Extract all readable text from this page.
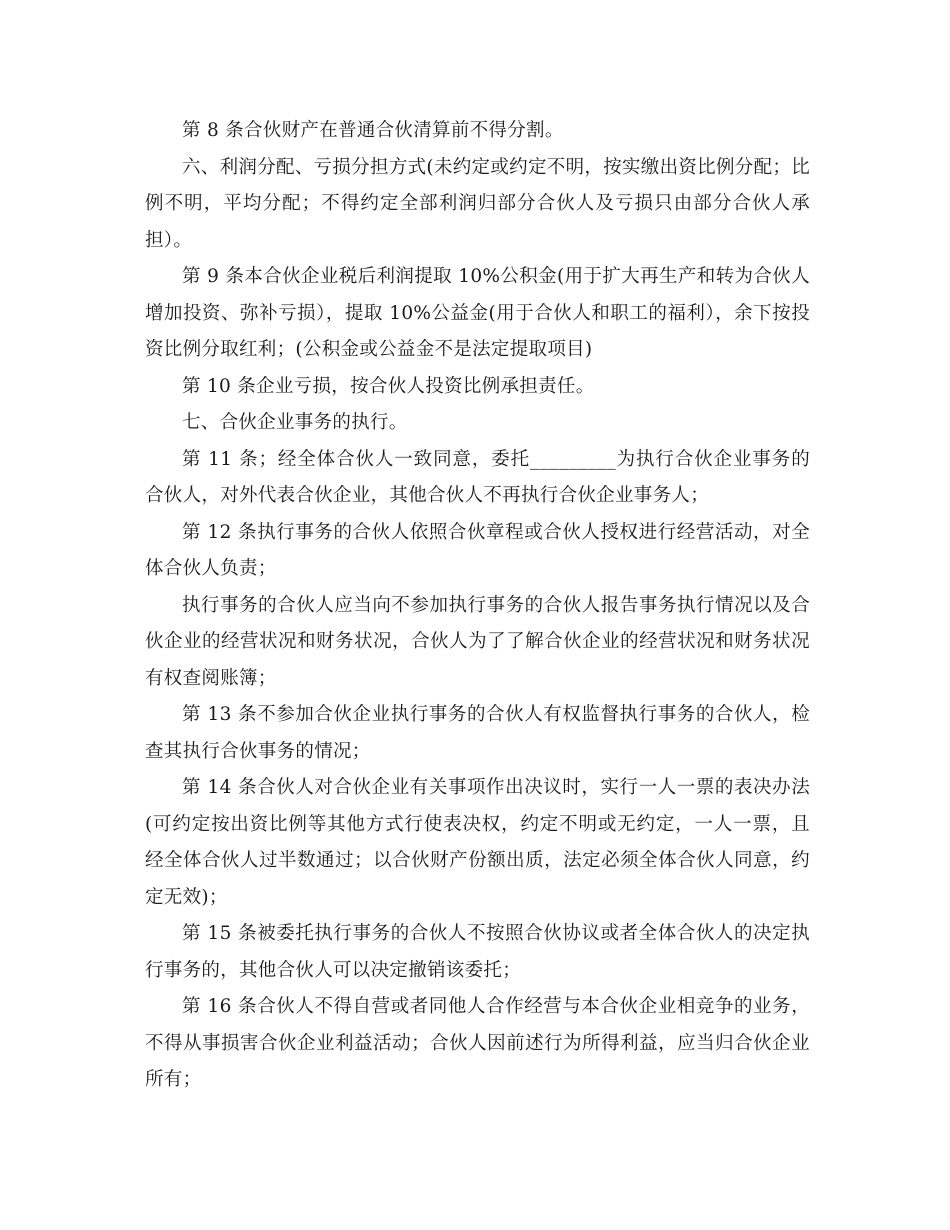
第 8 条合伙财产在普通合伙清算前不得分割。

六、利润分配、亏损分担方式(未约定或约定不明，按实缴出资比例分配；比例不明，平均分配；不得约定全部利润归部分合伙人及亏损只由部分合伙人承担）。

第 9 条本合伙企业税后利润提取 10%公积金(用于扩大再生产和转为合伙人增加投资、弥补亏损），提取 10%公益金(用于合伙人和职工的福利），余下按投资比例分取红利；(公积金或公益金不是法定提取项目)

第 10 条企业亏损，按合伙人投资比例承担责任。

七、合伙企业事务的执行。

第 11 条；经全体合伙人一致同意，委托_________为执行合伙企业事务的合伙人，对外代表合伙企业，其他合伙人不再执行合伙企业事务人；

第 12 条执行事务的合伙人依照合伙章程或合伙人授权进行经营活动，对全体合伙人负责；

执行事务的合伙人应当向不参加执行事务的合伙人报告事务执行情况以及合伙企业的经营状况和财务状况，合伙人为了了解合伙企业的经营状况和财务状况有权查阅账簿；

第 13 条不参加合伙企业执行事务的合伙人有权监督执行事务的合伙人，检查其执行合伙事务的情况；

第 14 条合伙人对合伙企业有关事项作出决议时，实行一人一票的表决办法(可约定按出资比例等其他方式行使表决权，约定不明或无约定，一人一票，且经全体合伙人过半数通过；以合伙财产份额出质，法定必须全体合伙人同意，约定无效)；

第 15 条被委托执行事务的合伙人不按照合伙协议或者全体合伙人的决定执行事务的，其他合伙人可以决定撤销该委托；

第 16 条合伙人不得自营或者同他人合作经营与本合伙企业相竞争的业务，不得从事损害合伙企业利益活动；合伙人因前述行为所得利益，应当归合伙企业所有；
